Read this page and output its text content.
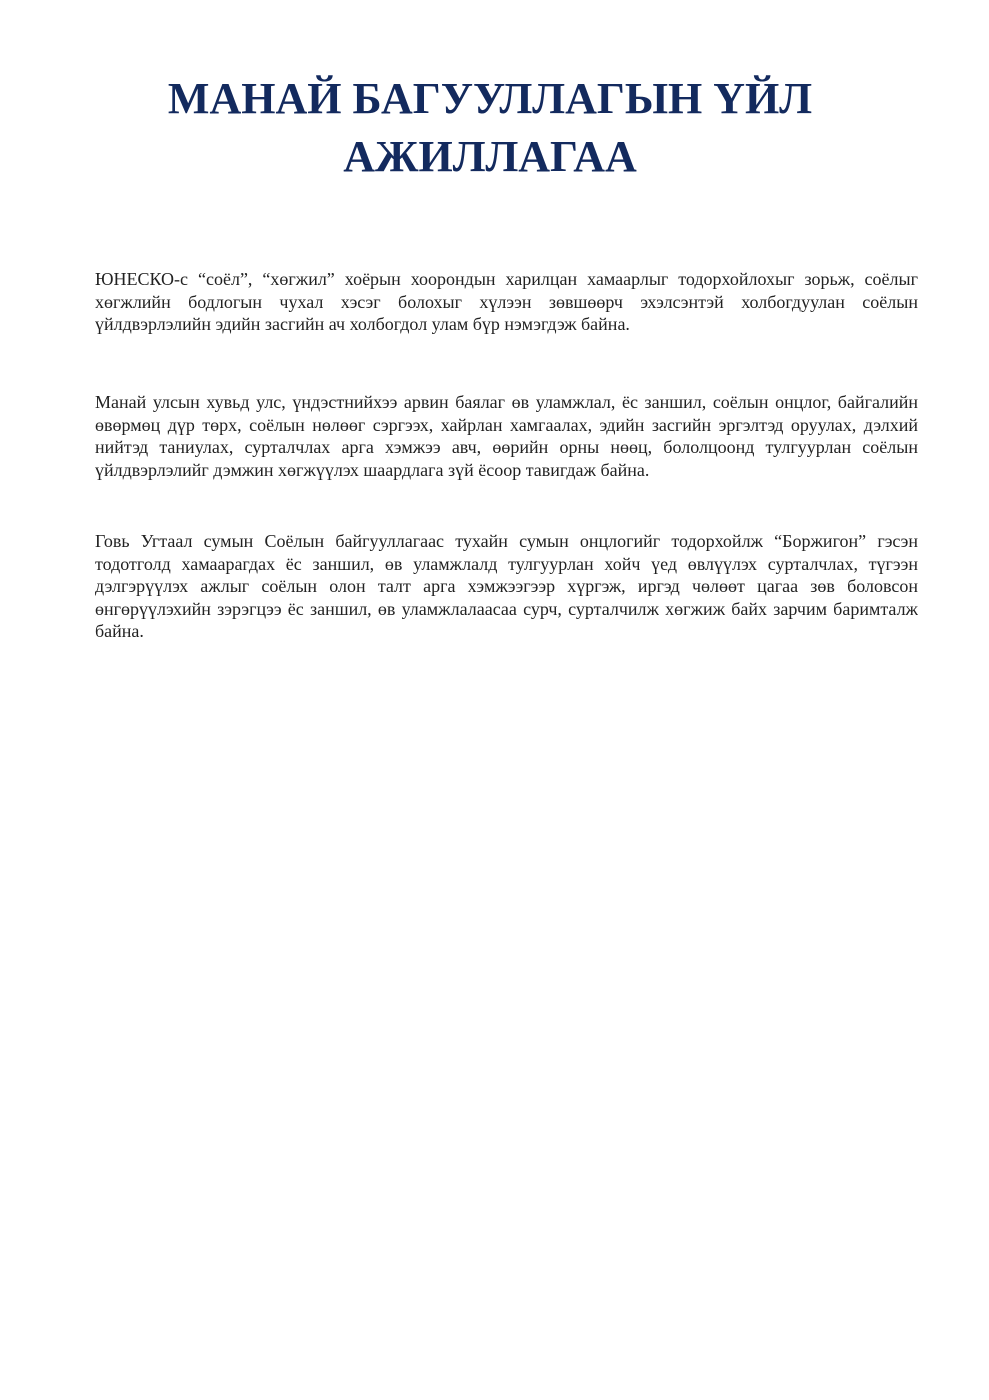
МАНАЙ БАГУУЛЛАГЫН ҮЙЛ АЖИЛЛАГАА

ЮНЕСКО-с “соёл”, “хөгжил” хоёрын хоорондын харилцан хамаарлыг тодорхойлохыг зорьж, соёлыг хөгжлийн бодлогын чухал хэсэг болохыг хүлээн зөвшөөрч эхэлсэнтэй холбогдуулан соёлын үйлдвэрлэлийн эдийн засгийн ач холбогдол улам бүр нэмэгдэж байна.

Манай улсын хувьд улс, үндэстнийхээ арвин баялаг өв уламжлал, ёс заншил, соёлын онцлог, байгалийн өвөрмөц дүр төрх, соёлын нөлөөг сэргээх, хайрлан хамгаалах, эдийн засгийн эргэлтэд оруулах, дэлхий нийтэд таниулах, сурталчлах арга хэмжээ авч, өөрийн орны нөөц, бололцоонд тулгуурлан соёлын үйлдвэрлэлийг дэмжин хөгжүүлэх шаардлага зүй ёсоор тавигдаж байна.

Говь Угтаал сумын Соёлын байгууллагаас тухайн сумын онцлогийг тодорхойлж “Боржигон” гэсэн тодотголд хамаарагдах ёс заншил, өв уламжлалд тулгуурлан хойч үед өвлүүлэх сурталчлах, түгээн дэлгэрүүлэх ажлыг соёлын олон талт арга хэмжээгээр хүргэж, иргэд чөлөөт цагаа зөв боловсон өнгөрүүлэхийн зэрэгцээ ёс заншил, өв уламжлалаасаа сурч, сурталчилж хөгжиж байх зарчим баримталж байна.
